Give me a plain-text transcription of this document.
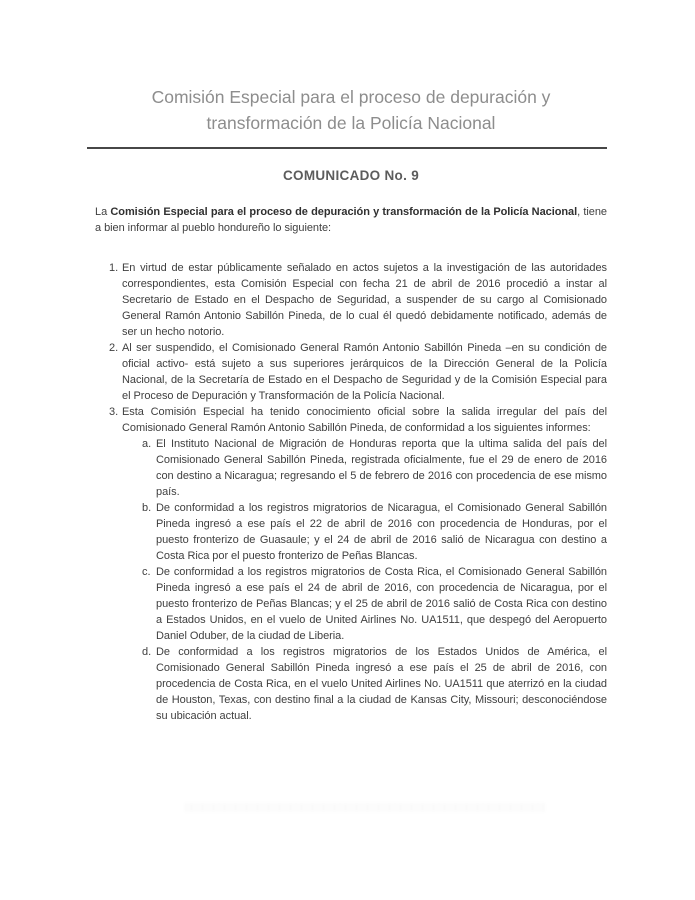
Comisión Especial para el proceso de depuración y
transformación de la Policía Nacional
COMUNICADO No. 9

La Comisión Especial para el proceso de depuración y transformación de la Policía Nacional, tiene a bien informar al pueblo hondureño lo siguiente:

1. En virtud de estar públicamente señalado en actos sujetos a la investigación de las autoridades correspondientes, esta Comisión Especial con fecha 21 de abril de 2016 procedió a instar al Secretario de Estado en el Despacho de Seguridad, a suspender de su cargo al Comisionado General Ramón Antonio Sabillón Pineda, de lo cual él quedó debidamente notificado, además de ser un hecho notorio.
2. Al ser suspendido, el Comisionado General Ramón Antonio Sabillón Pineda –en su condición de oficial activo- está sujeto a sus superiores jerárquicos de la Dirección General de la Policía Nacional, de la Secretaría de Estado en el Despacho de Seguridad y de la Comisión Especial para el Proceso de Depuración y Transformación de la Policía Nacional.
3. Esta Comisión Especial ha tenido conocimiento oficial sobre la salida irregular del país del Comisionado General Ramón Antonio Sabillón Pineda, de conformidad a los siguientes informes:
a. El Instituto Nacional de Migración de Honduras reporta que la ultima salida del país del Comisionado General Sabillón Pineda, registrada oficialmente, fue el 29 de enero de 2016 con destino a Nicaragua; regresando el 5 de febrero de 2016 con procedencia de ese mismo país.
b. De conformidad a los registros migratorios de Nicaragua, el Comisionado General Sabillón Pineda ingresó a ese país el 22 de abril de 2016 con procedencia de Honduras, por el puesto fronterizo de Guasaule; y el 24 de abril de 2016 salió de Nicaragua con destino a Costa Rica por el puesto fronterizo de Peñas Blancas.
c. De conformidad a los registros migratorios de Costa Rica, el Comisionado General Sabillón Pineda ingresó a ese país el 24 de abril de 2016, con procedencia de Nicaragua, por el puesto fronterizo de Peñas Blancas; y el 25 de abril de 2016 salió de Costa Rica con destino a Estados Unidos, en el vuelo de United Airlines No. UA1511, que despegó del Aeropuerto Daniel Oduber, de la ciudad de Liberia.
d. De conformidad a los registros migratorios de los Estados Unidos de América, el Comisionado General Sabillón Pineda ingresó a ese país el 25 de abril de 2016, con procedencia de Costa Rica, en el vuelo United Airlines No. UA1511 que aterrizó en la ciudad de Houston, Texas, con destino final a la ciudad de Kansas City, Missouri; desconociéndose su ubicación actual.
